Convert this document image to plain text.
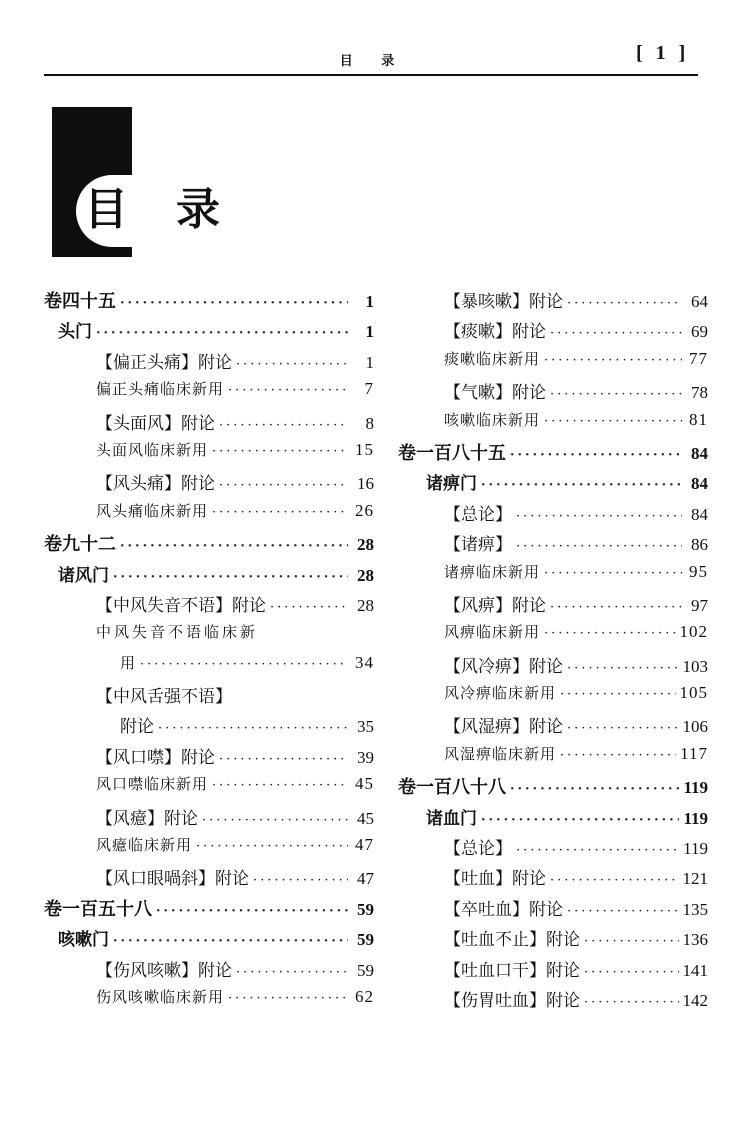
目 录	[ 1 ]
目 录
卷四十五 ·····	1
头门 ·····	1
【偏正头痛】附论 ·····	1
偏正头痛临床新用 ·····	7
【头面风】附论 ·····	8
头面风临床新用 ·····	15
【风头痛】附论 ·····	16
风头痛临床新用 ·····	26
卷九十二 ·····	28
诸风门 ·····	28
【中风失音不语】附论 ·····	28
中风失音不语临床新
用 ·····	34
【中风舌强不语】
附论 ·····	35
【风口噤】附论 ·····	39
风口噤临床新用 ·····	45
【风癔】附论 ·····	45
风癔临床新用 ·····	47
【风口眼喎斜】附论 ·····	47
卷一百五十八 ·····	59
咳嗽门 ·····	59
【伤风咳嗽】附论 ·····	59
伤风咳嗽临床新用 ·····	62
【暴咳嗽】附论 ·····	64
【痰嗽】附论 ·····	69
痰嗽临床新用 ·····	77
【气嗽】附论 ·····	78
咳嗽临床新用 ·····	81
卷一百八十五 ·····	84
诸痹门 ·····	84
【总论】 ·····	84
【诸痹】 ·····	86
诸痹临床新用 ·····	95
【风痹】附论 ·····	97
风痹临床新用 ·····	102
【风冷痹】附论 ·····	103
风冷痹临床新用 ·····	105
【风湿痹】附论 ·····	106
风湿痹临床新用 ·····	117
卷一百八十八 ·····	119
诸血门 ·····	119
【总论】 ·····	119
【吐血】附论 ·····	121
【卒吐血】附论 ·····	135
【吐血不止】附论 ·····	136
【吐血口干】附论 ·····	141
【伤胃吐血】附论 ·····	142
